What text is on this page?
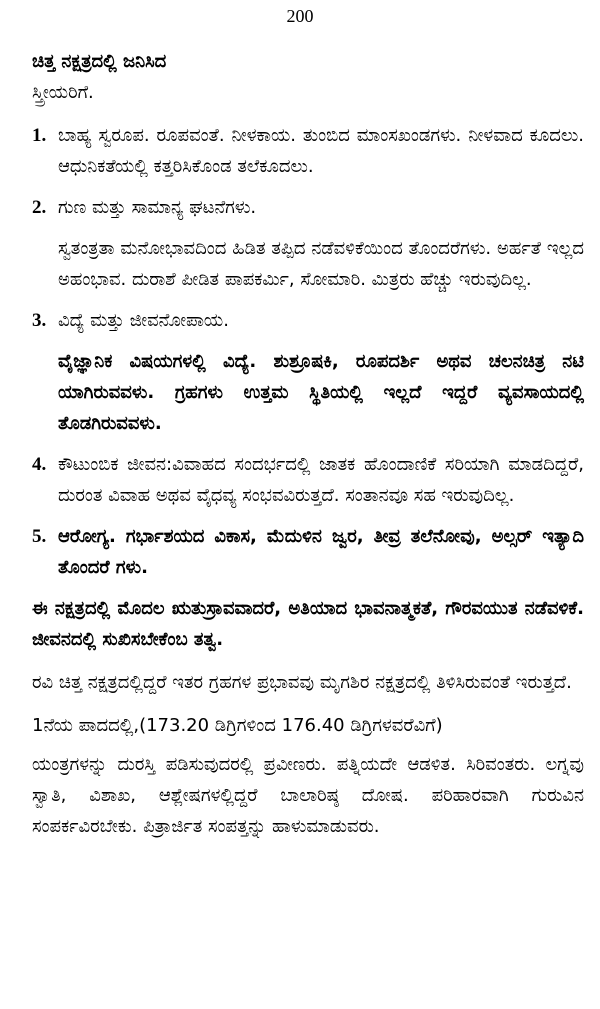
200
ಚಿತ್ತ ನಕ್ಷತ್ರದಲ್ಲಿ ಜನಿಸಿದ
ಸ್ತ್ರೀಯರಿಗೆ.
1. ಬಾಹ್ಯ ಸ್ವರೂಪ. ರೂಪವಂತೆ. ನೀಳಕಾಯ. ತುಂಬಿದ ಮಾಂಸಖಂಡಗಳು. ನೀಳವಾದ ಕೂದಲು. ಆಧುನಿಕತೆಯಲ್ಲಿ ಕತ್ತರಿಸಿಕೊಂಡ ತಲೆಕೂದಲು.
2. ಗುಣ ಮತ್ತು ಸಾಮಾನ್ಯ ಘಟನೆಗಳು.
ಸ್ವತಂತ್ರತಾ ಮನೋಭಾವದಿಂದ ಹಿಡಿತ ತಪ್ಪಿದ ನಡೆವಳಿಕೆಯಿಂದ ತೊಂದರೆಗಳು. ಅರ್ಹತೆ ಇಲ್ಲದ ಅಹಂಭಾವ. ದುರಾಶೆ ಪೀಡಿತ ಪಾಪಕರ್ಮಿ, ಸೋಮಾರಿ. ಮಿತ್ರರು ಹೆಚ್ಚು ಇರುವುದಿಲ್ಲ.
3. ವಿದ್ಯೆ ಮತ್ತು ಜೀವನೋಪಾಯ.
ವೈಜ್ಞಾನಿಕ ವಿಷಯಗಳಲ್ಲಿ ವಿದ್ಯೆ. ಶುಶ್ರೂಷಕಿ, ರೂಪದರ್ಶಿ ಅಥವ ಚಲನಚಿತ್ರ ನಟಿ ಯಾಗಿರುವವಳು. ಗ್ರಹಗಳು ಉತ್ತಮ ಸ್ಥಿತಿಯಲ್ಲಿ ಇಲ್ಲದೆ ಇದ್ದರೆ ವ್ಯವಸಾಯದಲ್ಲಿ ತೊಡಗಿರುವವಳು.
4. ಕೌಟುಂಬಿಕ ಜೀವನ:ವಿವಾಹದ ಸಂದರ್ಭದಲ್ಲಿ ಜಾತಕ ಹೊಂದಾಣಿಕೆ ಸರಿಯಾಗಿ ಮಾಡದಿದ್ದರೆ, ದುರಂತ ವಿವಾಹ ಅಥವ ವೈಧವ್ಯ ಸಂಭವವಿರುತ್ತದೆ. ಸಂತಾನವೂ ಸಹ ಇರುವುದಿಲ್ಲ.
5. ಆರೋಗ್ಯ. ಗರ್ಭಾಶಯದ ವಿಕಾಸ, ಮೆದುಳಿನ ಜ್ವರ, ತೀವ್ರ ತಲೆನೋವು, ಅಲ್ಸರ್ ಇತ್ಯಾದಿ ತೊಂದರೆ ಗಳು.
ಈ ನಕ್ಷತ್ರದಲ್ಲಿ ಮೊದಲ ಋತುಸ್ರಾವವಾದರೆ, ಅತಿಯಾದ ಭಾವನಾತ್ಮಕತೆ, ಗೌರವಯುತ ನಡೆವಳಿಕೆ. ಜೀವನದಲ್ಲಿ ಸುಖಿಸಬೇಕೆಂಬ ತತ್ವ.
ರವಿ ಚಿತ್ತ ನಕ್ಷತ್ರದಲ್ಲಿದ್ದರೆ ಇತರ ಗ್ರಹಗಳ ಪ್ರಭಾವವು ಮೃಗಶಿರ ನಕ್ಷತ್ರದಲ್ಲಿ ತಿಳಿಸಿರುವಂತೆ ಇರುತ್ತದೆ.
1ನೆಯ ಪಾದದಲ್ಲಿ,(173.20 ಡಿಗ್ರಿಗಳಿಂದ 176.40 ಡಿಗ್ರಿಗಳವರೆವಿಗೆ)
ಯಂತ್ರಗಳನ್ನು ದುರಸ್ತಿ ಪಡಿಸುವುದರಲ್ಲಿ ಪ್ರವೀಣರು. ಪತ್ನಿಯದೇ ಆಡಳಿತ. ಸಿರಿವಂತರು. ಲಗ್ನವು ಸ್ವಾತಿ, ವಿಶಾಖ, ಆಶ್ಲೇಷಗಳಲ್ಲಿದ್ದರೆ ಬಾಲಾರಿಷ್ಠ ದೋಷ. ಪರಿಹಾರವಾಗಿ ಗುರುವಿನ ಸಂಪರ್ಕವಿರಬೇಕು. ಪಿತ್ರಾರ್ಜಿತ ಸಂಪತ್ತನ್ನು ಹಾಳುಮಾಡುವರು.
